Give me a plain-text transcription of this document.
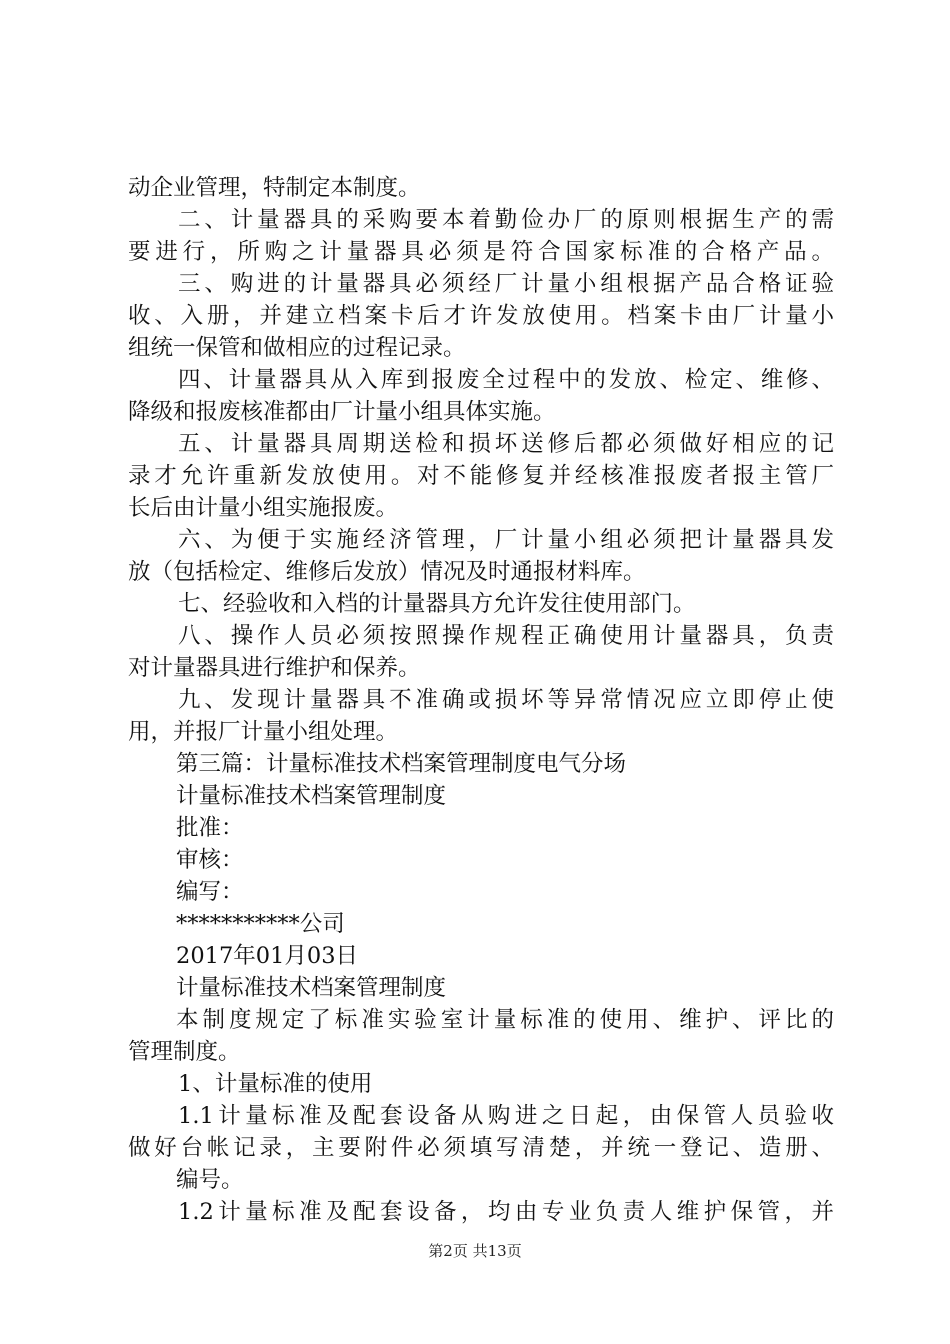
动企业管理，特制定本制度。
二、计量器具的采购要本着勤俭办厂的原则根据生产的需
要进行，所购之计量器具必须是符合国家标准的合格产品。
三、购进的计量器具必须经厂计量小组根据产品合格证验
收、入册，并建立档案卡后才许发放使用。档案卡由厂计量小
组统一保管和做相应的过程记录。
四、计量器具从入库到报废全过程中的发放、检定、维修、
降级和报废核准都由厂计量小组具体实施。
五、计量器具周期送检和损坏送修后都必须做好相应的记
录才允许重新发放使用。对不能修复并经核准报废者报主管厂
长后由计量小组实施报废。
六、为便于实施经济管理，厂计量小组必须把计量器具发
放（包括检定、维修后发放）情况及时通报材料库。
七、经验收和入档的计量器具方允许发往使用部门。
八、操作人员必须按照操作规程正确使用计量器具，负责
对计量器具进行维护和保养。
九、发现计量器具不准确或损坏等异常情况应立即停止使
用，并报厂计量小组处理。
第三篇：计量标准技术档案管理制度电气分场
计量标准技术档案管理制度
批准：
审核：
编写：
***********公司
2017年01月03日
计量标准技术档案管理制度
本制度规定了标准实验室计量标准的使用、维护、评比的
管理制度。
1、计量标准的使用
1.1计量标准及配套设备从购进之日起，由保管人员验收
做好台帐记录，主要附件必须填写清楚，并统一登记、造册、
编号。
1.2计量标准及配套设备，均由专业负责人维护保管，并
第2页 共13页
